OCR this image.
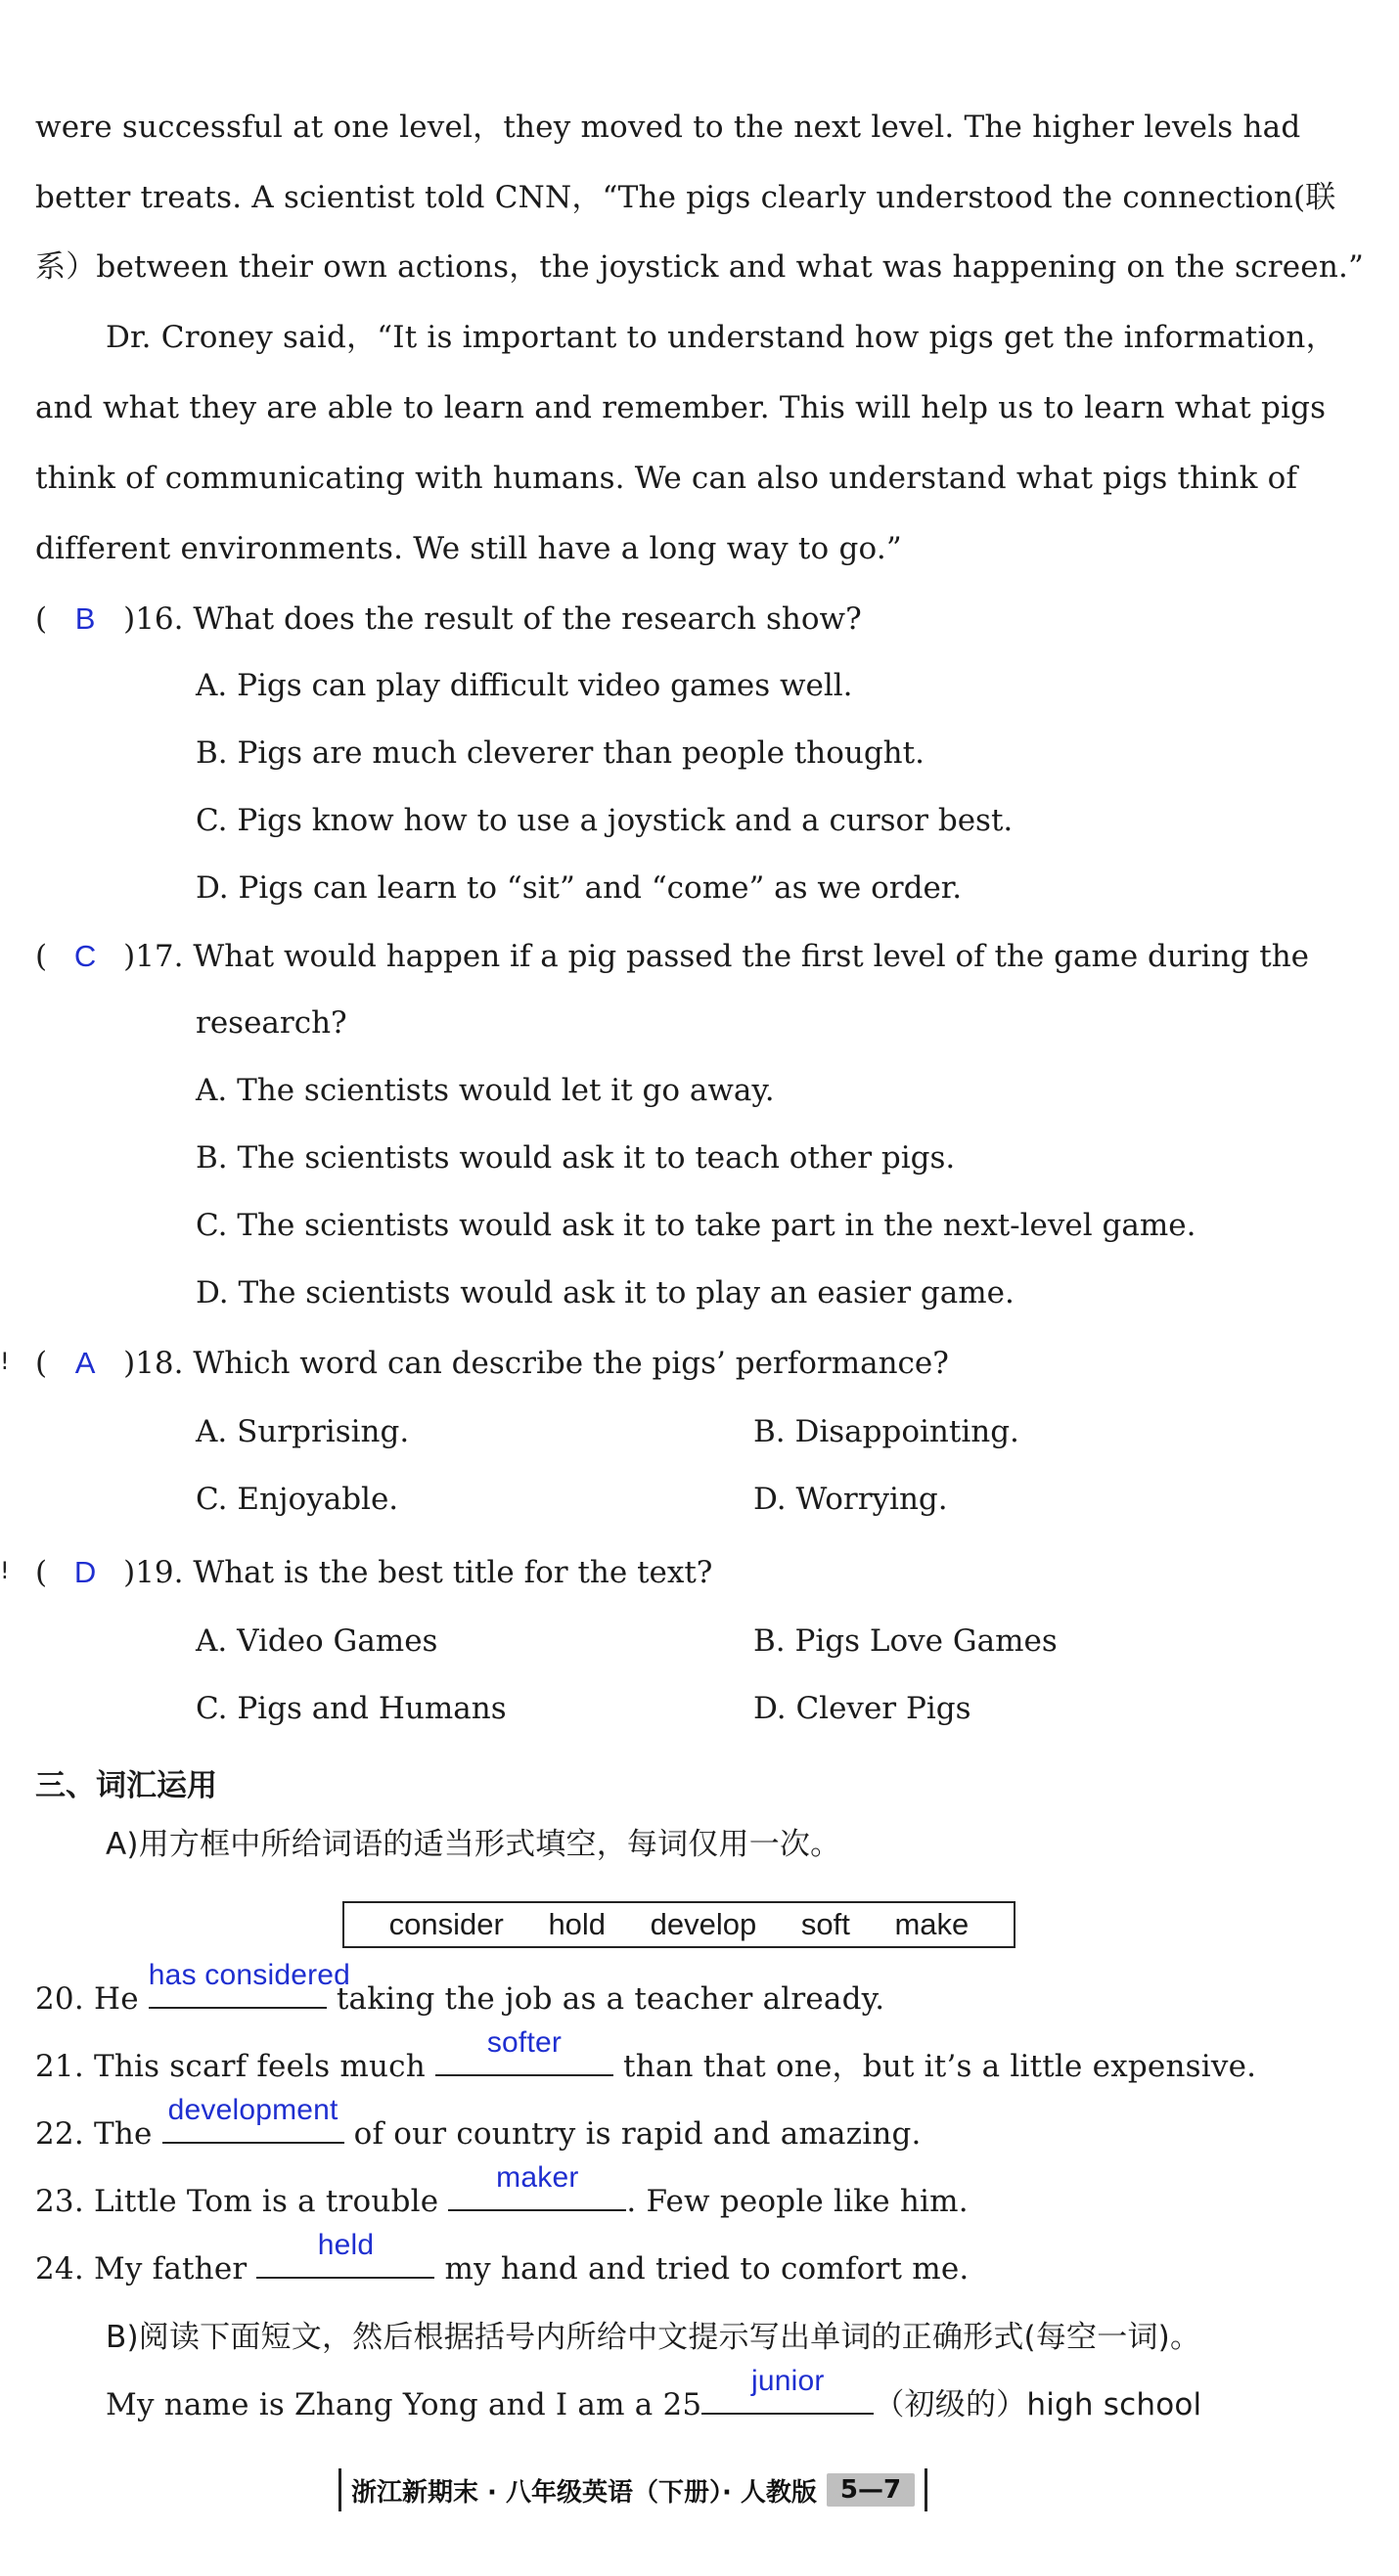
were successful at one level，they moved to the next level. The higher levels had
better treats. A scientist told CNN，“The pigs clearly understood the connection(联
系）between their own actions，the joystick and what was happening on the screen.”
Dr. Croney said，“It is important to understand how pigs get the information，
and what they are able to learn and remember. This will help us to learn what pigs
think of communicating with humans. We can also understand what pigs think of
different environments. We still have a long way to go.”
( B )16. What does the result of the research show?
A. Pigs can play difficult video games well.
B. Pigs are much cleverer than people thought.
C. Pigs know how to use a joystick and a cursor best.
D. Pigs can learn to “sit” and “come” as we order.
( C )17. What would happen if a pig passed the first level of the game during the
research?
A. The scientists would let it go away.
B. The scientists would ask it to teach other pigs.
C. The scientists would ask it to take part in the next-level game.
D. The scientists would ask it to play an easier game.
! ( A )18. Which word can describe the pigs’ performance?
A. Surprising.	B. Disappointing.
C. Enjoyable.	D. Worrying.
! ( D )19. What is the best title for the text?
A. Video Games	B. Pigs Love Games
C. Pigs and Humans	D. Clever Pigs
三、词汇运用
A)用方框中所给词语的适当形式填空，每词仅用一次。
consider hold develop soft make
20. He
has considered
taking the job as a teacher already.
21. This scarf feels much
softer
than that one，but it’s a little expensive.
22. The
development
of our country is rapid and amazing.
23. Little Tom is a trouble
maker
. Few people like him.
24. My father
held
my hand and tried to comfort me.
B)阅读下面短文，然后根据括号内所给中文提示写出单词的正确形式(每空一词)。
My name is Zhang Yong and I am a 25
junior
（初级的）high school
浙江新期末 · 八年级英语（下册）· 人教版 5—7
